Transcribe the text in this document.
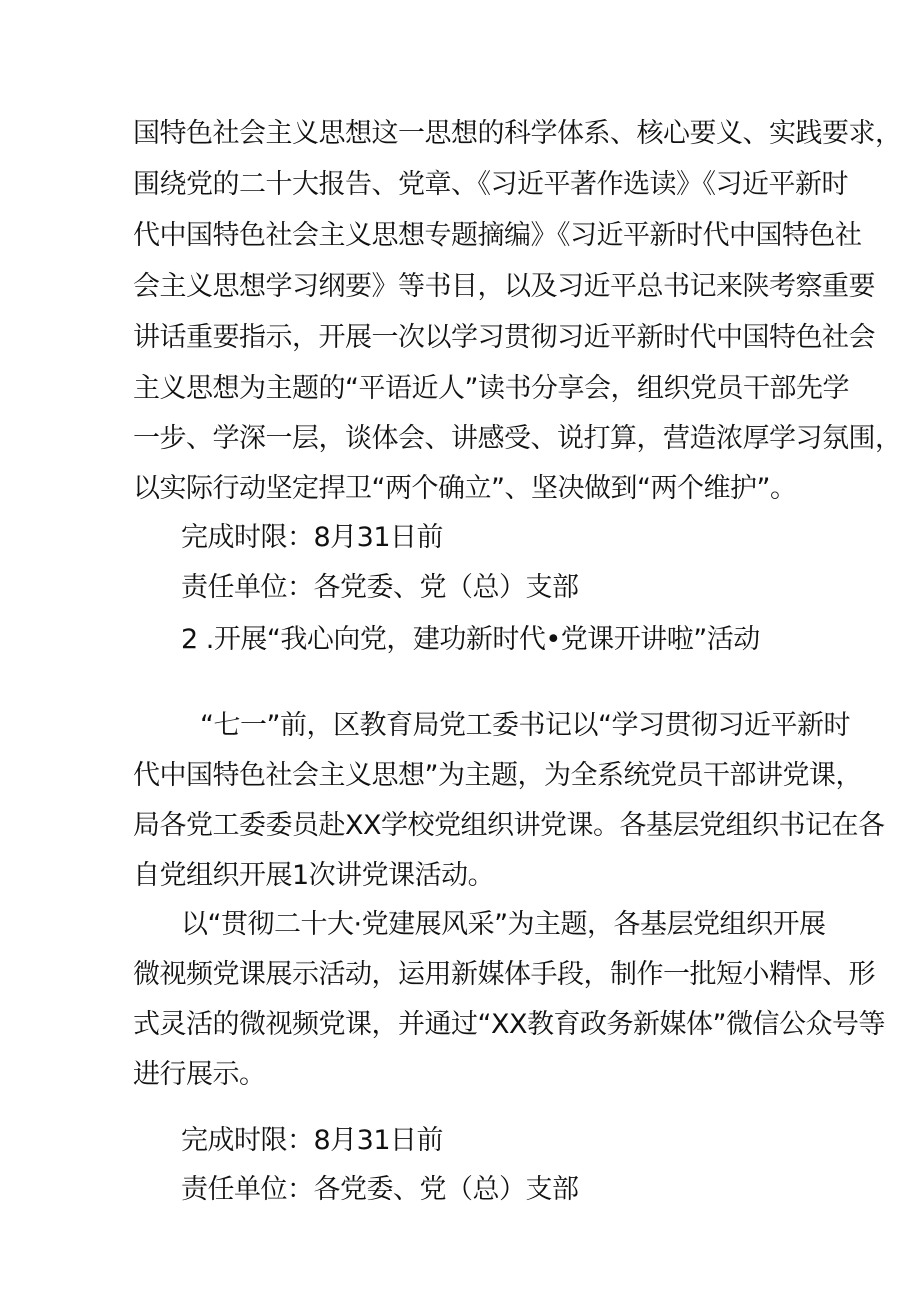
国特色社会主义思想这一思想的科学体系、核心要义、实践要求，
围绕党的二十大报告、党章、《习近平著作选读》《习近平新时
代中国特色社会主义思想专题摘编》《习近平新时代中国特色社
会主义思想学习纲要》等书目，以及习近平总书记来陕考察重要
讲话重要指示，开展一次以学习贯彻习近平新时代中国特色社会
主义思想为主题的“平语近人”读书分享会，组织党员干部先学
一步、学深一层，谈体会、讲感受、说打算，营造浓厚学习氛围，
以实际行动坚定捍卫“两个确立”、坚决做到“两个维护”。
完成时限：8月31日前
责任单位：各党委、党（总）支部
2 .开展“我心向党，建功新时代•党课开讲啦”活动
“七一”前，区教育局党工委书记以“学习贯彻习近平新时
代中国特色社会主义思想”为主题，为全系统党员干部讲党课，
局各党工委委员赴XX学校党组织讲党课。各基层党组织书记在各
自党组织开展1次讲党课活动。
以“贯彻二十大·党建展风采”为主题，各基层党组织开展
微视频党课展示活动，运用新媒体手段，制作一批短小精悍、形
式灵活的微视频党课，并通过“XX教育政务新媒体”微信公众号等
进行展示。
完成时限：8月31日前
责任单位：各党委、党（总）支部
